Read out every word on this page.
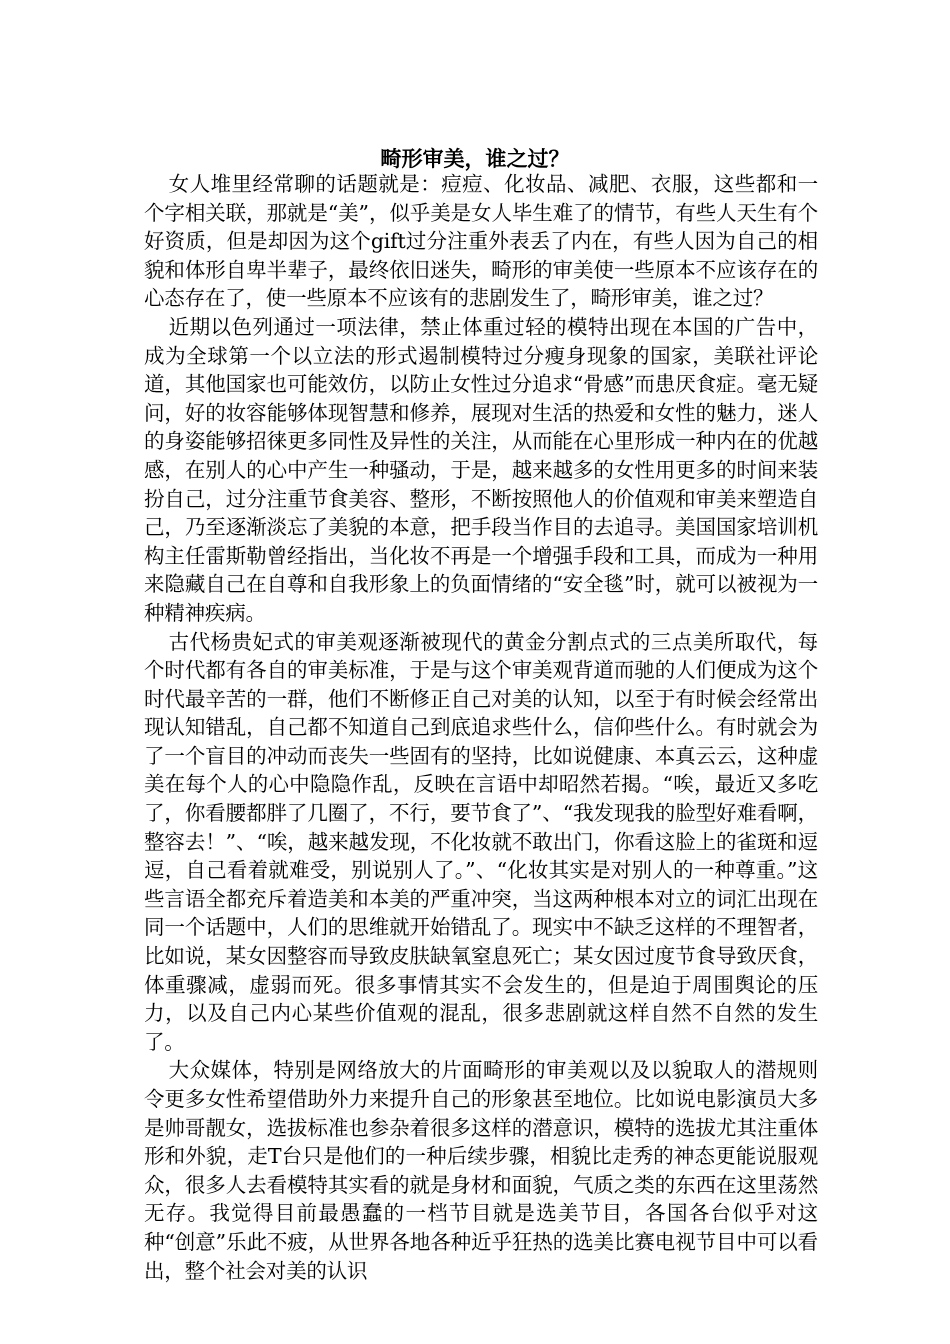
畸形审美，谁之过？

女人堆里经常聊的话题就是：痘痘、化妆品、减肥、衣服，这些都和一个字相关联，那就是“美”，似乎美是女人毕生难了的情节，有些人天生有个好资质，但是却因为这个gift过分注重外表丢了内在，有些人因为自己的相貌和体形自卑半辈子，最终依旧迷失，畸形的审美使一些原本不应该存在的心态存在了，使一些原本不应该有的悲剧发生了，畸形审美，谁之过？

近期以色列通过一项法律，禁止体重过轻的模特出现在本国的广告中，成为全球第一个以立法的形式遏制模特过分瘦身现象的国家，美联社评论道，其他国家也可能效仿，以防止女性过分追求“骨感”而患厌食症。毫无疑问，好的妆容能够体现智慧和修养，展现对生活的热爱和女性的魅力，迷人的身姿能够招徕更多同性及异性的关注，从而能在心里形成一种内在的优越感，在别人的心中产生一种骚动，于是，越来越多的女性用更多的时间来装扮自己，过分注重节食美容、整形，不断按照他人的价值观和审美来塑造自己，乃至逐渐淡忘了美貌的本意，把手段当作目的去追寻。美国国家培训机构主任雷斯勒曾经指出，当化妆不再是一个增强手段和工具，而成为一种用来隐藏自己在自尊和自我形象上的负面情绪的“安全毯”时，就可以被视为一种精神疾病。

古代杨贵妃式的审美观逐渐被现代的黄金分割点式的三点美所取代，每个时代都有各自的审美标准，于是与这个审美观背道而驰的人们便成为这个时代最辛苦的一群，他们不断修正自己对美的认知，以至于有时候会经常出现认知错乱，自己都不知道自己到底追求些什么，信仰些什么。有时就会为了一个盲目的冲动而丧失一些固有的坚持，比如说健康、本真云云，这种虚美在每个人的心中隐隐作乱，反映在言语中却昭然若揭。“唉，最近又多吃了，你看腰都胖了几圈了，不行，要节食了”、“我发现我的脸型好难看啊，整容去！”、“唉，越来越发现，不化妆就不敢出门，你看这脸上的雀斑和逗逗，自己看着就难受，别说别人了。”、“化妆其实是对别人的一种尊重。”这些言语全都充斥着造美和本美的严重冲突，当这两种根本对立的词汇出现在同一个话题中，人们的思维就开始错乱了。现实中不缺乏这样的不理智者，比如说，某女因整容而导致皮肤缺氧窒息死亡；某女因过度节食导致厌食，体重骤减，虚弱而死。很多事情其实不会发生的，但是迫于周围舆论的压力，以及自己内心某些价值观的混乱，很多悲剧就这样自然不自然的发生了。

大众媒体，特别是网络放大的片面畸形的审美观以及以貌取人的潜规则令更多女性希望借助外力来提升自己的形象甚至地位。比如说电影演员大多是帅哥靓女，选拔标准也参杂着很多这样的潜意识，模特的选拔尤其注重体形和外貌，走T台只是他们的一种后续步骤，相貌比走秀的神态更能说服观众，很多人去看模特其实看的就是身材和面貌，气质之类的东西在这里荡然无存。我觉得目前最愚蠢的一档节目就是选美节目，各国各台似乎对这种“创意”乐此不疲，从世界各地各种近乎狂热的选美比赛电视节目中可以看出，整个社会对美的认识
